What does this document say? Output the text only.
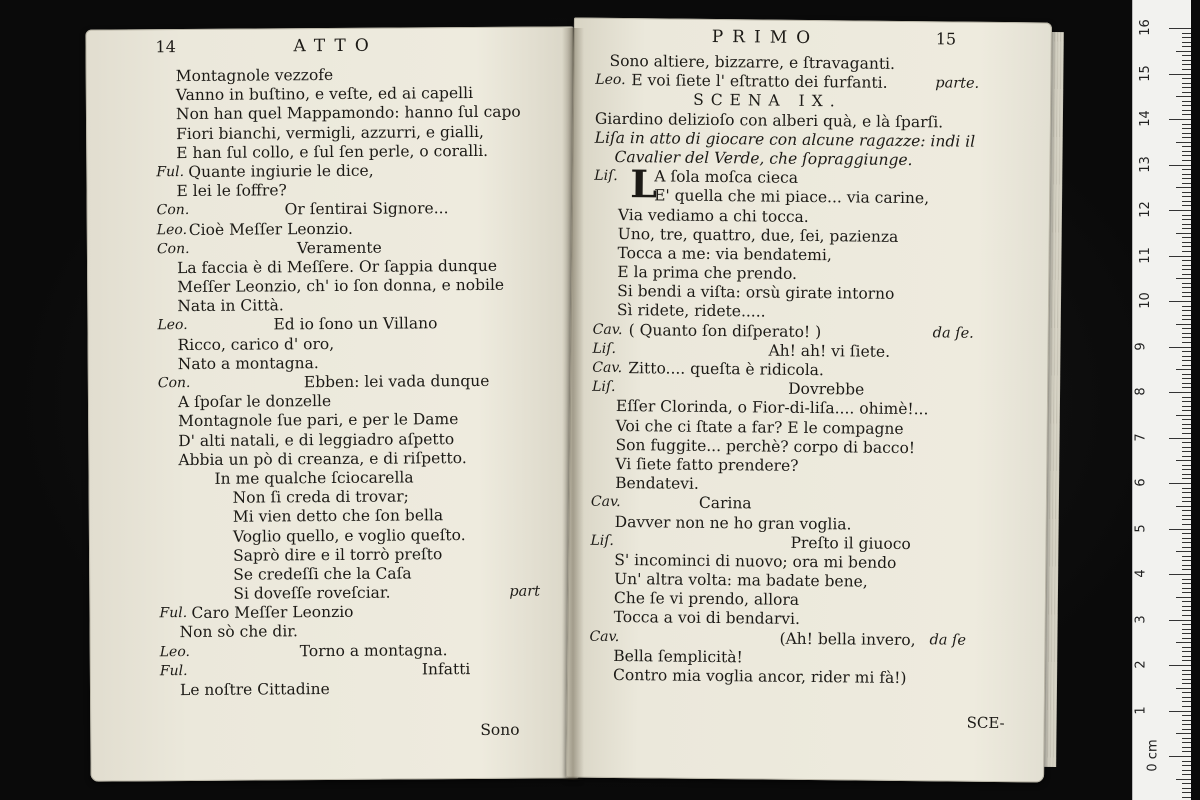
14	ATTO
Montagnole vezzofe
Vanno in buſtino, e veſte, ed ai capelli
Non han quel Mappamondo: hanno ſul capo
Fiori bianchi, vermigli, azzurri, e gialli,
E han ſul collo, e ſul ſen perle, o coralli.
Ful. Quante ingiurie le dice,
E lei le ſoffre?
Con.	Or ſentirai Signore...
Leo. Cioè Meſſer Leonzio.
Con.	Veramente
La faccia è di Meſſere. Or ſappia dunque
Meſſer Leonzio, ch' io ſon donna, e nobile
Nata in Città.
Leo.	Ed io ſono un Villano
Ricco, carico d' oro,
Nato a montagna.
Con.	Ebben: lei vada dunque
A ſpoſar le donzelle
Montagnole ſue pari, e per le Dame
D' alti natali, e di leggiadro aſpetto
Abbia un pò di creanza, e di riſpetto.
In me qualche ſciocarella
Non ſi creda di trovar;
Mi vien detto che ſon bella
Voglio quello, e voglio queſto.
Saprò dire e il torrò preſto
Se credeſſi che la Caſa
Si doveſſe roveſciar.	part
Ful. Caro Meſſer Leonzio
Non sò che dir.
Leo.	Torno a montagna.
Ful.	Infatti
Le noſtre Cittadine
Sono
PRIMO	15
Sono altiere, bizzarre, e ſtravaganti.
Leo. E voi ſiete l' eſtratto dei furfanti.	parte.
SCENA IX.
Giardino delizioſo con alberi quà, e là ſparſi.
Liſa in atto di giocare con alcune ragazze: indi il
Cavalier del Verde, che ſopraggiunge.
Liſ. L
A ſola moſca cieca
E' quella che mi piace... via carine,
Via vediamo a chi tocca.
Uno, tre, quattro, due, ſei, pazienza
Tocca a me: via bendatemi,
E la prima che prendo.
Si bendi a viſta: orsù girate intorno
Sì ridete, ridete.....
Cav. ( Quanto ſon diſperato! )	da ſe.
Liſ.	Ah! ah! vi ſiete.
Cav. Zitto.... queſta è ridicola.
Liſ.	Dovrebbe
Eſſer Clorinda, o Fior-di-liſa.... ohimè!...
Voi che ci ſtate a far? E le compagne
Son fuggite... perchè? corpo di bacco!
Vi ſiete fatto prendere?
Bendatevi.
Cav.	Carina
Davver non ne ho gran voglia.
Liſ.	Preſto il giuoco
S' incominci di nuovo; ora mi bendo
Un' altra volta: ma badate bene,
Che ſe vi prendo, allora
Tocca a voi di bendarvi.
Cav.	(Ah! bella invero, da ſe
Bella ſemplicità!
Contro mia voglia ancor, rider mi fà!)
SCE-
16
15
14
13
12
11
10
9
8
7
6
5
4
3
2
1
0 cm
